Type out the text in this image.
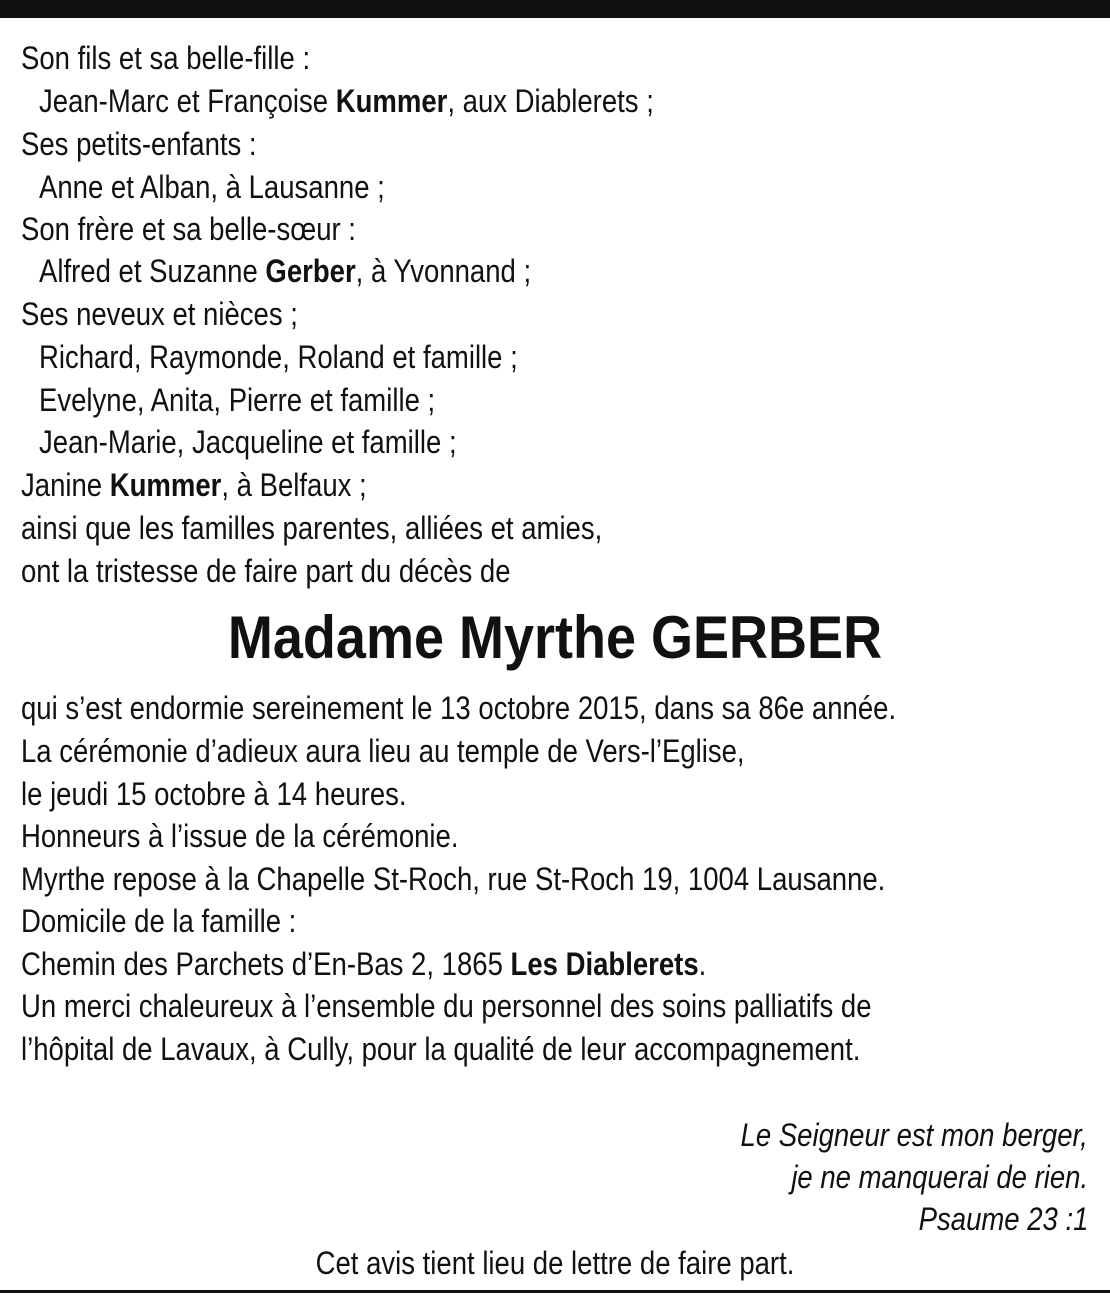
Son fils et sa belle-fille :
Jean-Marc et Françoise Kummer, aux Diablerets ;
Ses petits-enfants :
Anne et Alban, à Lausanne ;
Son frère et sa belle-sœur :
Alfred et Suzanne Gerber, à Yvonnand ;
Ses neveux et nièces ;
Richard, Raymonde, Roland et famille ;
Evelyne, Anita, Pierre et famille ;
Jean-Marie, Jacqueline et famille ;
Janine Kummer, à Belfaux ;
ainsi que les familles parentes, alliées et amies,
ont la tristesse de faire part du décès de
Madame Myrthe GERBER
qui s’est endormie sereinement le 13 octobre 2015, dans sa 86e année.
La cérémonie d’adieux aura lieu au temple de Vers-l’Eglise,
le jeudi 15 octobre à 14 heures.
Honneurs à l’issue de la cérémonie.
Myrthe repose à la Chapelle St-Roch, rue St-Roch 19, 1004 Lausanne.
Domicile de la famille :
Chemin des Parchets d’En-Bas 2, 1865 Les Diablerets.
Un merci chaleureux à l’ensemble du personnel des soins palliatifs de
l’hôpital de Lavaux, à Cully, pour la qualité de leur accompagnement.
Le Seigneur est mon berger,
je ne manquerai de rien.
Psaume 23 :1
Cet avis tient lieu de lettre de faire part.
